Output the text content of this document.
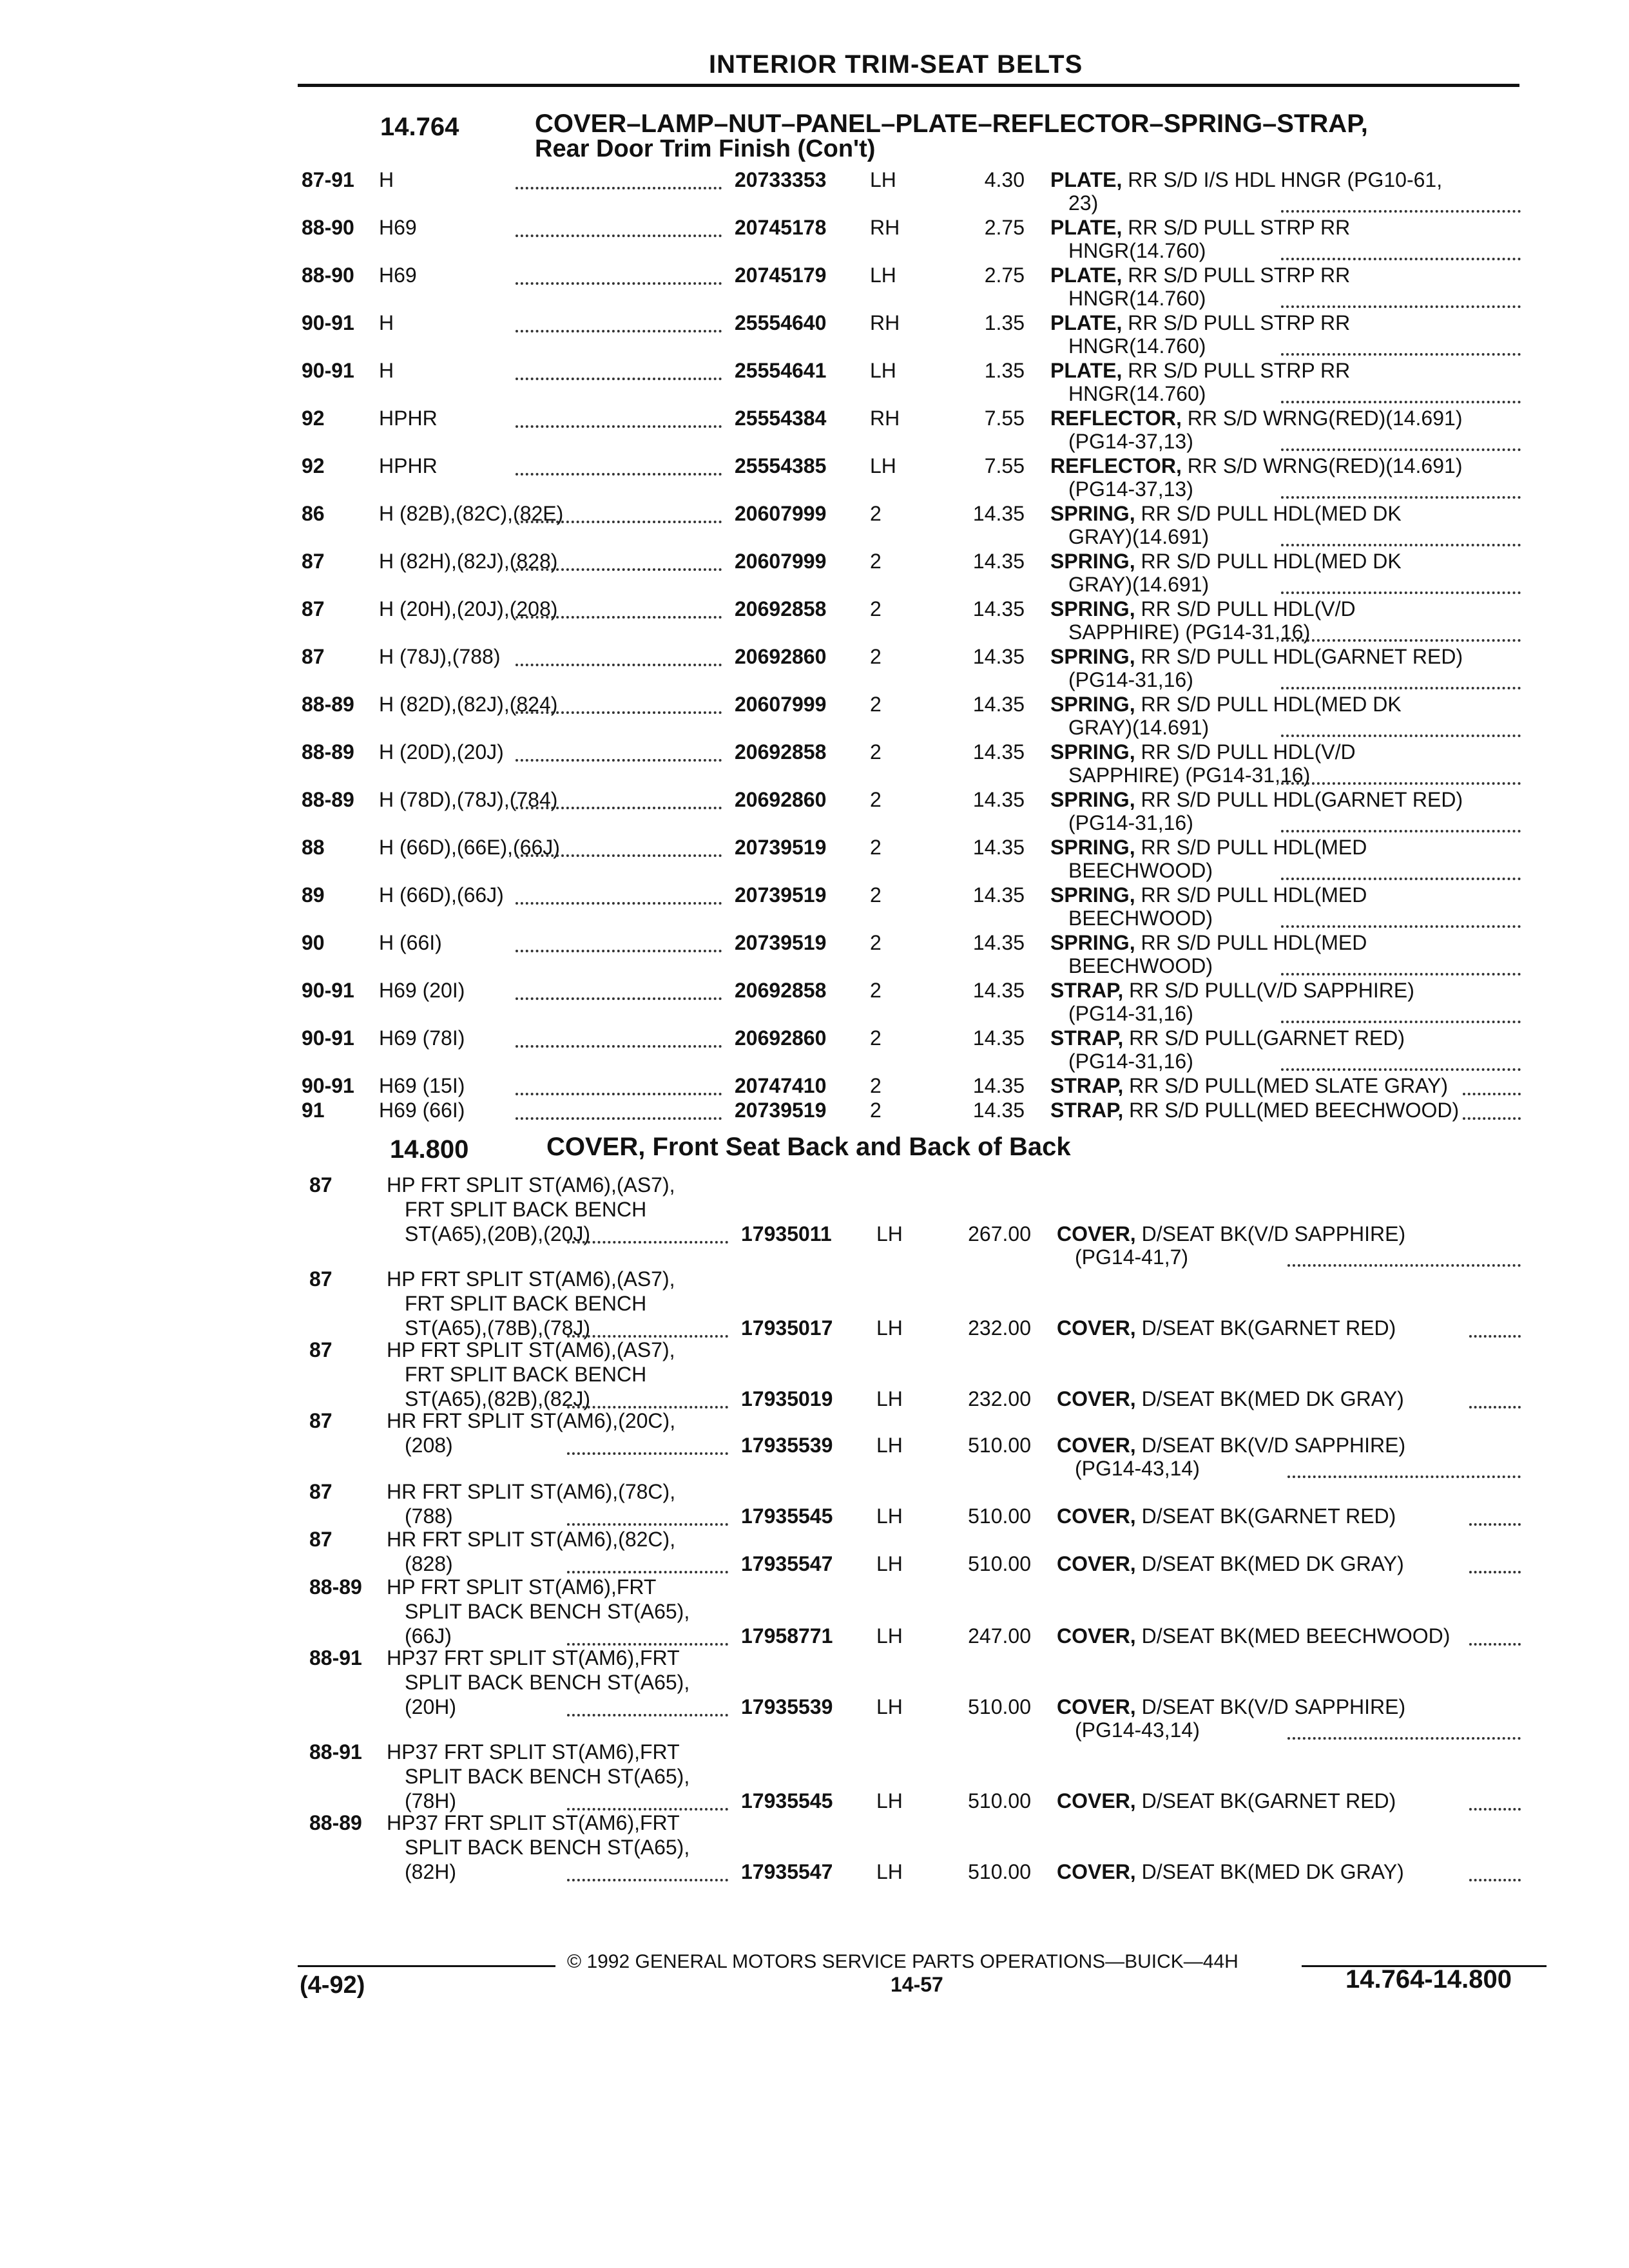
INTERIOR TRIM-SEAT BELTS
14.764	COVER–LAMP–NUT–PANEL–PLATE–REFLECTOR–SPRING–STRAP,
Rear Door Trim Finish (Con't)
87-91 H	20733353 LH	4.30 PLATE, RR S/D I/S HDL HNGR (PG10-61,
23)
88-90 H69	20745178 RH	2.75 PLATE, RR S/D PULL STRP RR
HNGR(14.760)
88-90 H69	20745179 LH	2.75 PLATE, RR S/D PULL STRP RR
HNGR(14.760)
90-91 H	25554640 RH	1.35 PLATE, RR S/D PULL STRP RR
HNGR(14.760)
90-91 H	25554641 LH	1.35 PLATE, RR S/D PULL STRP RR
HNGR(14.760)
92	HPHR	25554384 RH	7.55 REFLECTOR, RR S/D WRNG(RED)(14.691)
(PG14-37,13)
92	HPHR	25554385 LH	7.55 REFLECTOR, RR S/D WRNG(RED)(14.691)
(PG14-37,13)
86	H (82B),(82C),(82E)	20607999 2	14.35 SPRING, RR S/D PULL HDL(MED DK
GRAY)(14.691)
87	H (82H),(82J),(828)	20607999 2	14.35 SPRING, RR S/D PULL HDL(MED DK
GRAY)(14.691)
87	H (20H),(20J),(208)	20692858 2	14.35 SPRING, RR S/D PULL HDL(V/D
SAPPHIRE) (PG14-31,16)
87	H (78J),(788)	20692860 2	14.35 SPRING, RR S/D PULL HDL(GARNET RED)
(PG14-31,16)
88-89 H (82D),(82J),(824)	20607999 2	14.35 SPRING, RR S/D PULL HDL(MED DK
GRAY)(14.691)
88-89 H (20D),(20J)	20692858 2	14.35 SPRING, RR S/D PULL HDL(V/D
SAPPHIRE) (PG14-31,16)
88-89 H (78D),(78J),(784)	20692860 2	14.35 SPRING, RR S/D PULL HDL(GARNET RED)
(PG14-31,16)
88	H (66D),(66E),(66J)	20739519 2	14.35 SPRING, RR S/D PULL HDL(MED
BEECHWOOD)
89	H (66D),(66J)	20739519 2	14.35 SPRING, RR S/D PULL HDL(MED
BEECHWOOD)
90	H (66I)	20739519 2	14.35 SPRING, RR S/D PULL HDL(MED
BEECHWOOD)
90-91 H69 (20I)	20692858 2	14.35 STRAP, RR S/D PULL(V/D SAPPHIRE)
(PG14-31,16)
90-91 H69 (78I)	20692860 2	14.35 STRAP, RR S/D PULL(GARNET RED)
(PG14-31,16)
90-91 H69 (15I)	20747410 2	14.35 STRAP, RR S/D PULL(MED SLATE GRAY)
91	H69 (66I)	20739519 2	14.35 STRAP, RR S/D PULL(MED BEECHWOOD)
14.800	COVER, Front Seat Back and Back of Back
87	HP FRT SPLIT ST(AM6),(AS7),
FRT SPLIT BACK BENCH
ST(A65),(20B),(20J)	17935011 LH	267.00 COVER, D/SEAT BK(V/D SAPPHIRE)
(PG14-41,7)
87	HP FRT SPLIT ST(AM6),(AS7),
FRT SPLIT BACK BENCH
ST(A65),(78B),(78J)	17935017 LH	232.00 COVER, D/SEAT BK(GARNET RED)
87	HP FRT SPLIT ST(AM6),(AS7),
FRT SPLIT BACK BENCH
ST(A65),(82B),(82J)	17935019 LH	232.00 COVER, D/SEAT BK(MED DK GRAY)
87	HR FRT SPLIT ST(AM6),(20C),
(208)	17935539 LH	510.00 COVER, D/SEAT BK(V/D SAPPHIRE)
(PG14-43,14)
87	HR FRT SPLIT ST(AM6),(78C),
(788)	17935545 LH	510.00 COVER, D/SEAT BK(GARNET RED)
87	HR FRT SPLIT ST(AM6),(82C),
(828)	17935547 LH	510.00 COVER, D/SEAT BK(MED DK GRAY)
88-89 HP FRT SPLIT ST(AM6),FRT
SPLIT BACK BENCH ST(A65),
(66J)	17958771 LH	247.00 COVER, D/SEAT BK(MED BEECHWOOD)
88-91 HP37 FRT SPLIT ST(AM6),FRT
SPLIT BACK BENCH ST(A65),
(20H)	17935539 LH	510.00 COVER, D/SEAT BK(V/D SAPPHIRE)
(PG14-43,14)
88-91 HP37 FRT SPLIT ST(AM6),FRT
SPLIT BACK BENCH ST(A65),
(78H)	17935545 LH	510.00 COVER, D/SEAT BK(GARNET RED)
88-89 HP37 FRT SPLIT ST(AM6),FRT
SPLIT BACK BENCH ST(A65),
(82H)	17935547 LH	510.00 COVER, D/SEAT BK(MED DK GRAY)
© 1992 GENERAL MOTORS SERVICE PARTS OPERATIONS—BUICK—44H
(4-92)	14-57	14.764-14.800
